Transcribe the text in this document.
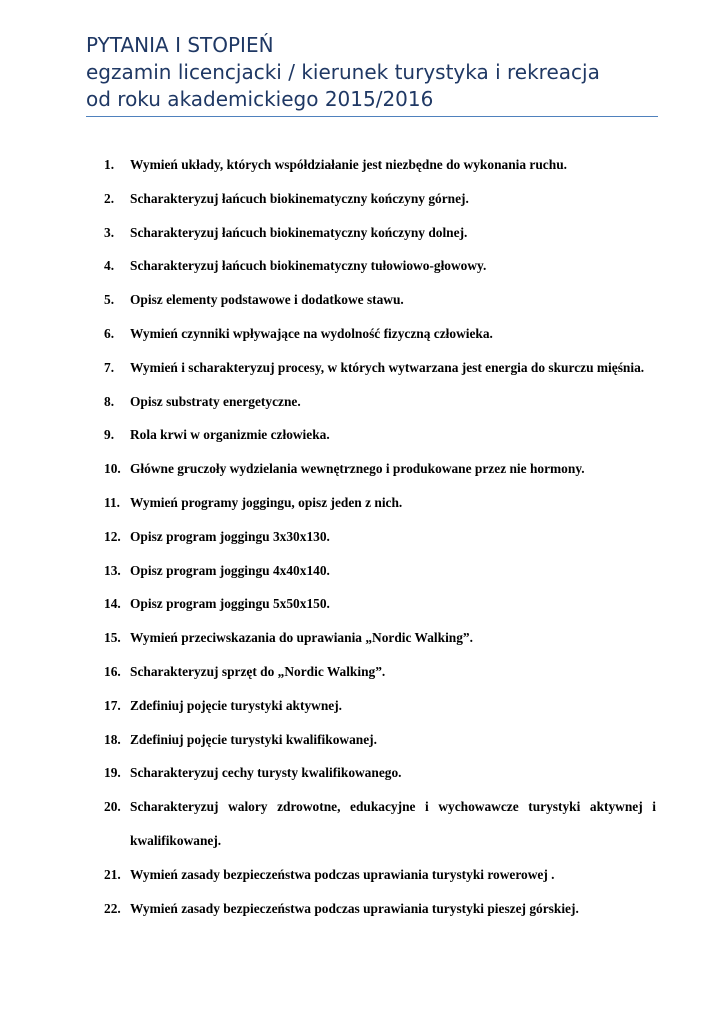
PYTANIA I STOPIEŃ
egzamin licencjacki / kierunek turystyka i rekreacja
od roku akademickiego 2015/2016
1. Wymień układy, których współdziałanie jest niezbędne do wykonania ruchu.
2. Scharakteryzuj łańcuch biokinematyczny kończyny górnej.
3. Scharakteryzuj łańcuch biokinematyczny kończyny dolnej.
4. Scharakteryzuj łańcuch biokinematyczny tułowiowo-głowowy.
5. Opisz elementy podstawowe i dodatkowe stawu.
6. Wymień czynniki wpływające na wydolność fizyczną człowieka.
7. Wymień i scharakteryzuj procesy, w których wytwarzana jest energia do skurczu mięśnia.
8. Opisz substraty energetyczne.
9. Rola krwi w organizmie człowieka.
10. Główne gruczoły wydzielania wewnętrznego i produkowane przez nie hormony.
11. Wymień programy joggingu, opisz jeden z nich.
12. Opisz program joggingu 3x30x130.
13. Opisz program joggingu 4x40x140.
14. Opisz program joggingu 5x50x150.
15. Wymień przeciwskazania do uprawiania „Nordic Walking”.
16. Scharakteryzuj sprzęt do „Nordic Walking”.
17. Zdefiniuj pojęcie turystyki aktywnej.
18. Zdefiniuj pojęcie turystyki kwalifikowanej.
19. Scharakteryzuj cechy turysty kwalifikowanego.
20. Scharakteryzuj walory zdrowotne, edukacyjne i wychowawcze turystyki aktywnej i kwalifikowanej.
21. Wymień zasady bezpieczeństwa podczas uprawiania turystyki rowerowej .
22. Wymień zasady bezpieczeństwa podczas uprawiania turystyki pieszej górskiej.
